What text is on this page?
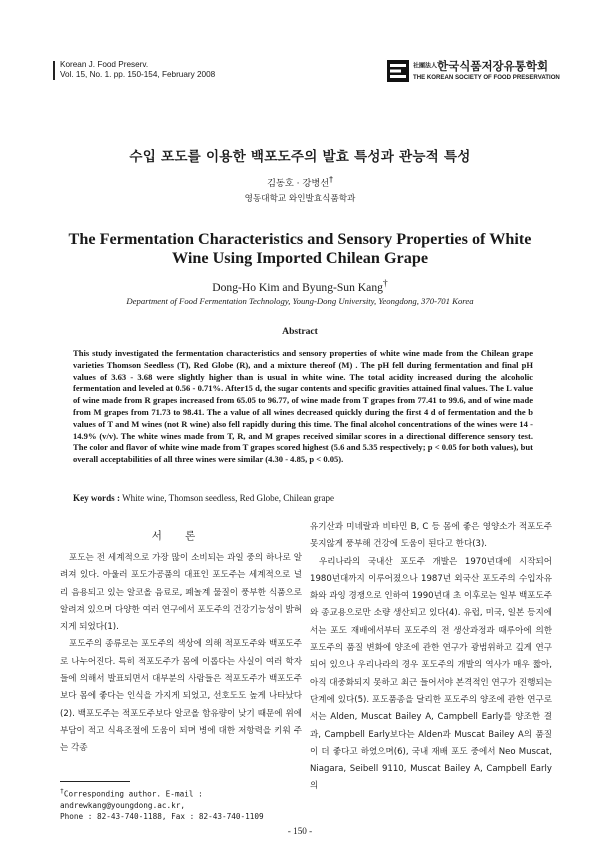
Korean J. Food Preserv.
Vol. 15, No. 1. pp. 150-154, February 2008
社團法人한국식품저장유통학회
THE KOREAN SOCIETY OF FOOD PRESERVATION
수입 포도를 이용한 백포도주의 발효 특성과 관능적 특성
김동호 · 강병선†
영동대학교 와인발효식품학과
The Fermentation Characteristics and Sensory Properties of White Wine Using Imported Chilean Grape
Dong-Ho Kim and Byung-Sun Kang†
Department of Food Fermentation Technology, Young-Dong University, Yeongdong, 370-701 Korea
Abstract
This study investigated the fermentation characteristics and sensory properties of white wine made from the Chilean grape varieties Thomson Seedless (T), Red Globe (R), and a mixture thereof (M) . The pH fell during fermentation and final pH values of 3.63 - 3.68 were slightly higher than is usual in white wine. The total acidity increased during the alcoholic fermentation and leveled at 0.56 - 0.71%. After15 d, the sugar contents and specific gravities attained final values. The L value of wine made from R grapes increased from 65.05 to 96.77, of wine made from T grapes from 77.41 to 99.6, and of wine made from M grapes from 71.73 to 98.41. The a value of all wines decreased quickly during the first 4 d of fermentation and the b values of T and M wines (not R wine) also fell rapidly during this time. The final alcohol concentrations of the wines were 14 - 14.9% (v/v). The white wines made from T, R, and M grapes received similar scores in a directional difference sensory test. The color and flavor of white wine made from T grapes scored highest (5.6 and 5.35 respectively; p < 0.05 for both values), but overall acceptabilities of all three wines were similar (4.30 - 4.85, p < 0.05).
Key words : White wine, Thomson seedless, Red Globe, Chilean grape
서 론

포도는 전 세계적으로 가장 많이 소비되는 과일 중의 하나로 알려져 있다. 아울러 포도가공품의 대표인 포도주는 세계적으로 널리 음용되고 있는 알코올 음료로, 폐놀계 물질이 풍부한 식품으로 알려져 있으며 다양한 여러 연구에서 포도주의 건강기능성이 밝혀지게 되었다(1).

포도주의 종류로는 포도주의 색상에 의해 적포도주와 백포도주로 나누어진다. 특히 적포도주가 몸에 이롭다는 사실이 여러 학자들에 의해서 발표되면서 대부분의 사람들은 적포도주가 백포도주 보다 몸에 좋다는 인식을 가지게 되었고, 선호도도 높게 나타났다(2). 백포도주는 적포도주보다 알코올 함유량이 낮기 때문에 위에 부담이 적고 식욕조절에 도움이 되며 병에 대한 저항력을 키워 주는 각종

유기산과 미네랄과 비타민 B, C 등 몸에 좋은 영양소가 적포도주 못지않게 풍부해 건강에 도움이 된다고 한다(3).

우리나라의 국내산 포도주 개발은 1970년대에 시작되어 1980년대까지 이루어졌으나 1987년 외국산 포도주의 수입자유화와 과잉 경쟁으로 인하여 1990년대 초 이후로는 일부 백포도주와 종교용으로만 소량 생산되고 있다(4). 유럽, 미국, 일본 등지에서는 포도 재배에서부터 포도주의 전 생산과정과 때루아에 의한 포도주의 품질 변화에 양조에 관한 연구가 광범위하고 깊게 연구되어 있으나 우리나라의 경우 포도주의 개발의 역사가 매우 짧아, 아직 대중화되지 못하고 최근 들어서야 본격적인 연구가 진행되는 단계에 있다(5). 포도품종을 달리한 포도주의 양조에 관한 연구로서는 Alden, Muscat Bailey A, Campbell Early를 양조한 결과, Campbell Early보다는 Alden과 Muscat Bailey A의 품질이 더 좋다고 하였으며(6), 국내 재배 포도 중에서 Neo Muscat, Niagara, Seibell 9110, Muscat Bailey A, Campbell Early의

†Corresponding author. E-mail : andrewkang@youngdong.ac.kr,
Phone : 82-43-740-1188, Fax : 82-43-740-1109
- 150 -
